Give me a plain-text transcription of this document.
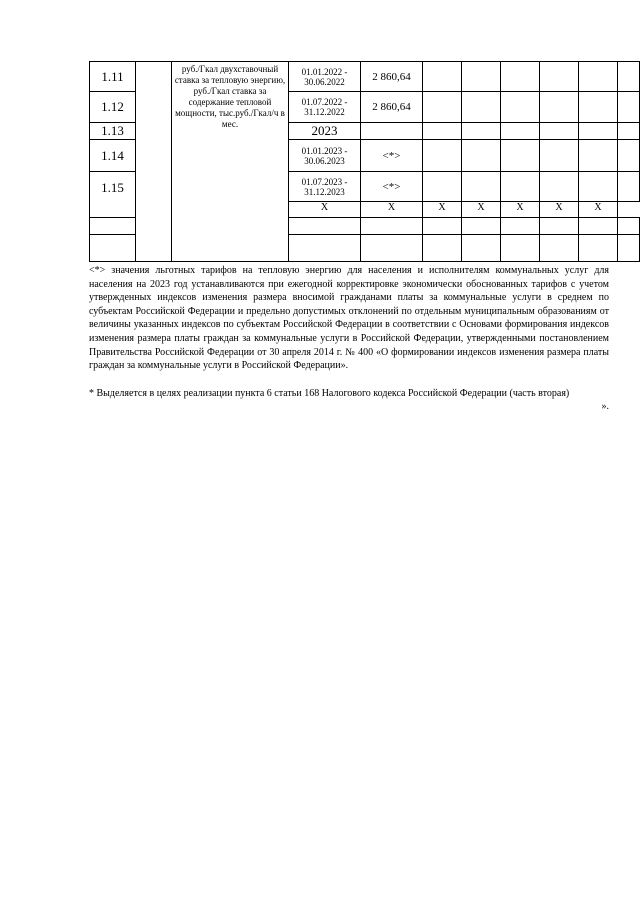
1.11		руб./Гкал двухставочный ставка за тепловую энергию, руб./Гкал ставка за содержание тепловой мощности, тыс.руб./Гкал/ч в мес.	01.01.2022 - 30.06.2022	2 860,64						
1.12			01.07.2022 - 31.12.2022	2 860,64						
1.13			2023							
1.14			01.01.2023 - 30.06.2023	<*>						
1.15			01.07.2023 - 31.12.2023	<*>						
			X	X	X	X	X	X	X	

<*> значения льготных тарифов на тепловую энергию для населения и исполнителям коммунальных услуг для населения на 2023 год устанавливаются при ежегодной корректировке экономически обоснованных тарифов с учетом утвержденных индексов изменения размера вносимой гражданами платы за коммунальные услуги в среднем по субъектам Российской Федерации и предельно допустимых отклонений по отдельным муниципальным образованиям от величины указанных индексов по субъектам Российской Федерации в соответствии с Основами формирования индексов изменения размера платы граждан за коммунальные услуги в Российской Федерации, утвержденными постановлением Правительства Российской Федерации от 30 апреля 2014 г. № 400 «О формировании индексов изменения размера платы граждан за коммунальные услуги в Российской Федерации».

* Выделяется в целях реализации пункта 6 статьи 168 Налогового кодекса Российской Федерации (часть вторая)

».
